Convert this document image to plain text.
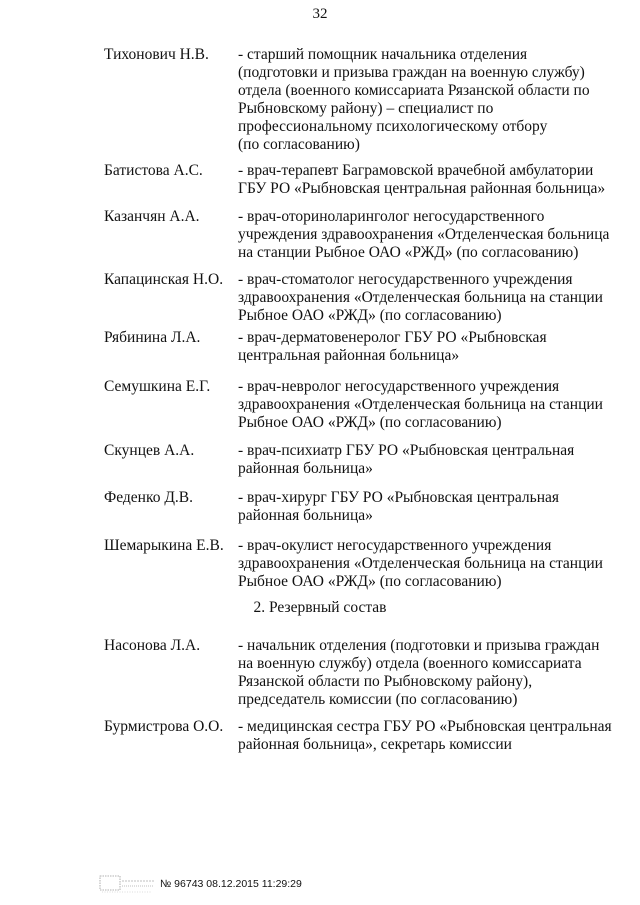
32
Тихонович Н.В. - старший помощник начальника отделения
(подготовки и призыва граждан на военную службу)
отдела (военного комиссариата Рязанской области по
Рыбновскому району) – специалист по
профессиональному психологическому отбору
(по согласованию)
Батистова А.С. - врач-терапевт Баграмовской врачебной амбулатории
ГБУ РО «Рыбновская центральная районная больница»
Казанчян А.А. - врач-оториноларинголог негосударственного
учреждения здравоохранения «Отделенческая больница
на станции Рыбное ОАО «РЖД» (по согласованию)
Капацинская Н.О. - врач-стоматолог негосударственного учреждения
здравоохранения «Отделенческая больница на станции
Рыбное ОАО «РЖД» (по согласованию)
Рябинина Л.А. - врач-дерматовенеролог ГБУ РО «Рыбновская
центральная районная больница»
Семушкина Е.Г. - врач-невролог негосударственного учреждения
здравоохранения «Отделенческая больница на станции
Рыбное ОАО «РЖД» (по согласованию)
Скунцев А.А.	- врач-психиатр ГБУ РО «Рыбновская центральная
районная больница»
Феденко Д.В.	- врач-хирург ГБУ РО «Рыбновская центральная
районная больница»
Шемарыкина Е.В. - врач-окулист негосударственного учреждения
здравоохранения «Отделенческая больница на станции
Рыбное ОАО «РЖД» (по согласованию)
2. Резервный состав
Насонова Л.А. - начальник отделения (подготовки и призыва граждан
на военную службу) отдела (военного комиссариата
Рязанской области по Рыбновскому району),
председатель комиссии (по согласованию)
Бурмистрова О.О. - медицинская сестра ГБУ РО «Рыбновская центральная
районная больница», секретарь комиссии
№ 96743 08.12.2015 11:29:29
